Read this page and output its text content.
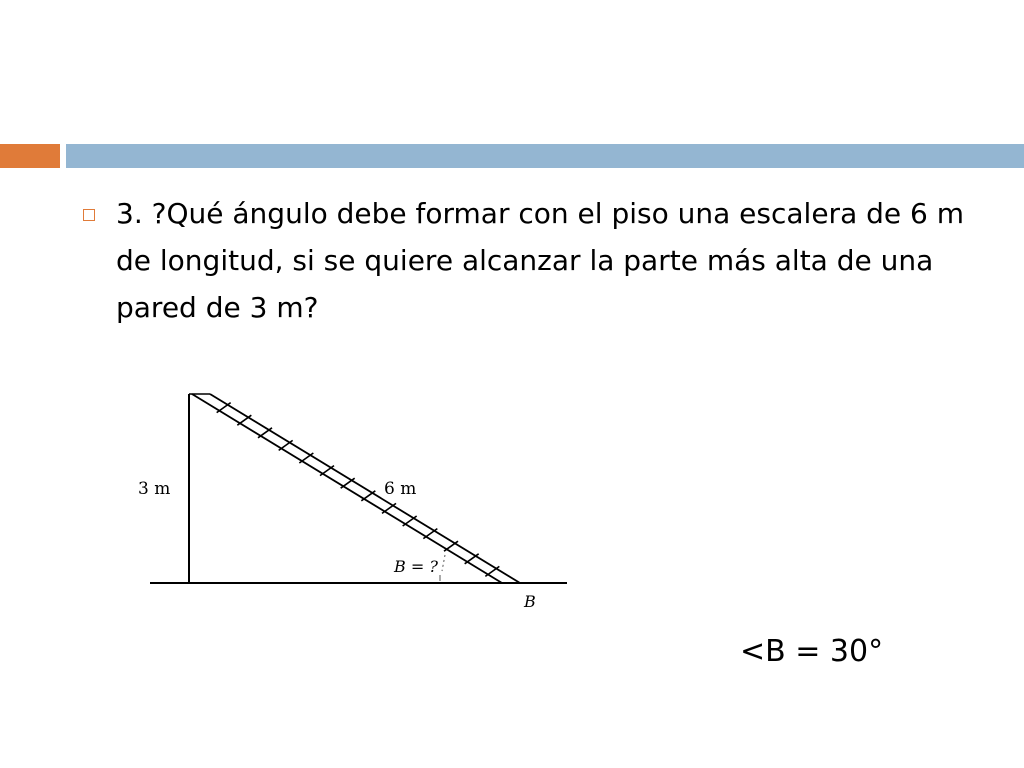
3. ?Qué ángulo debe formar con el piso una escalera de 6 m de longitud, si se quiere alcanzar la parte más alta de una pared de 3 m?

3 m	6 m
B = ?
B

<B = 30°
